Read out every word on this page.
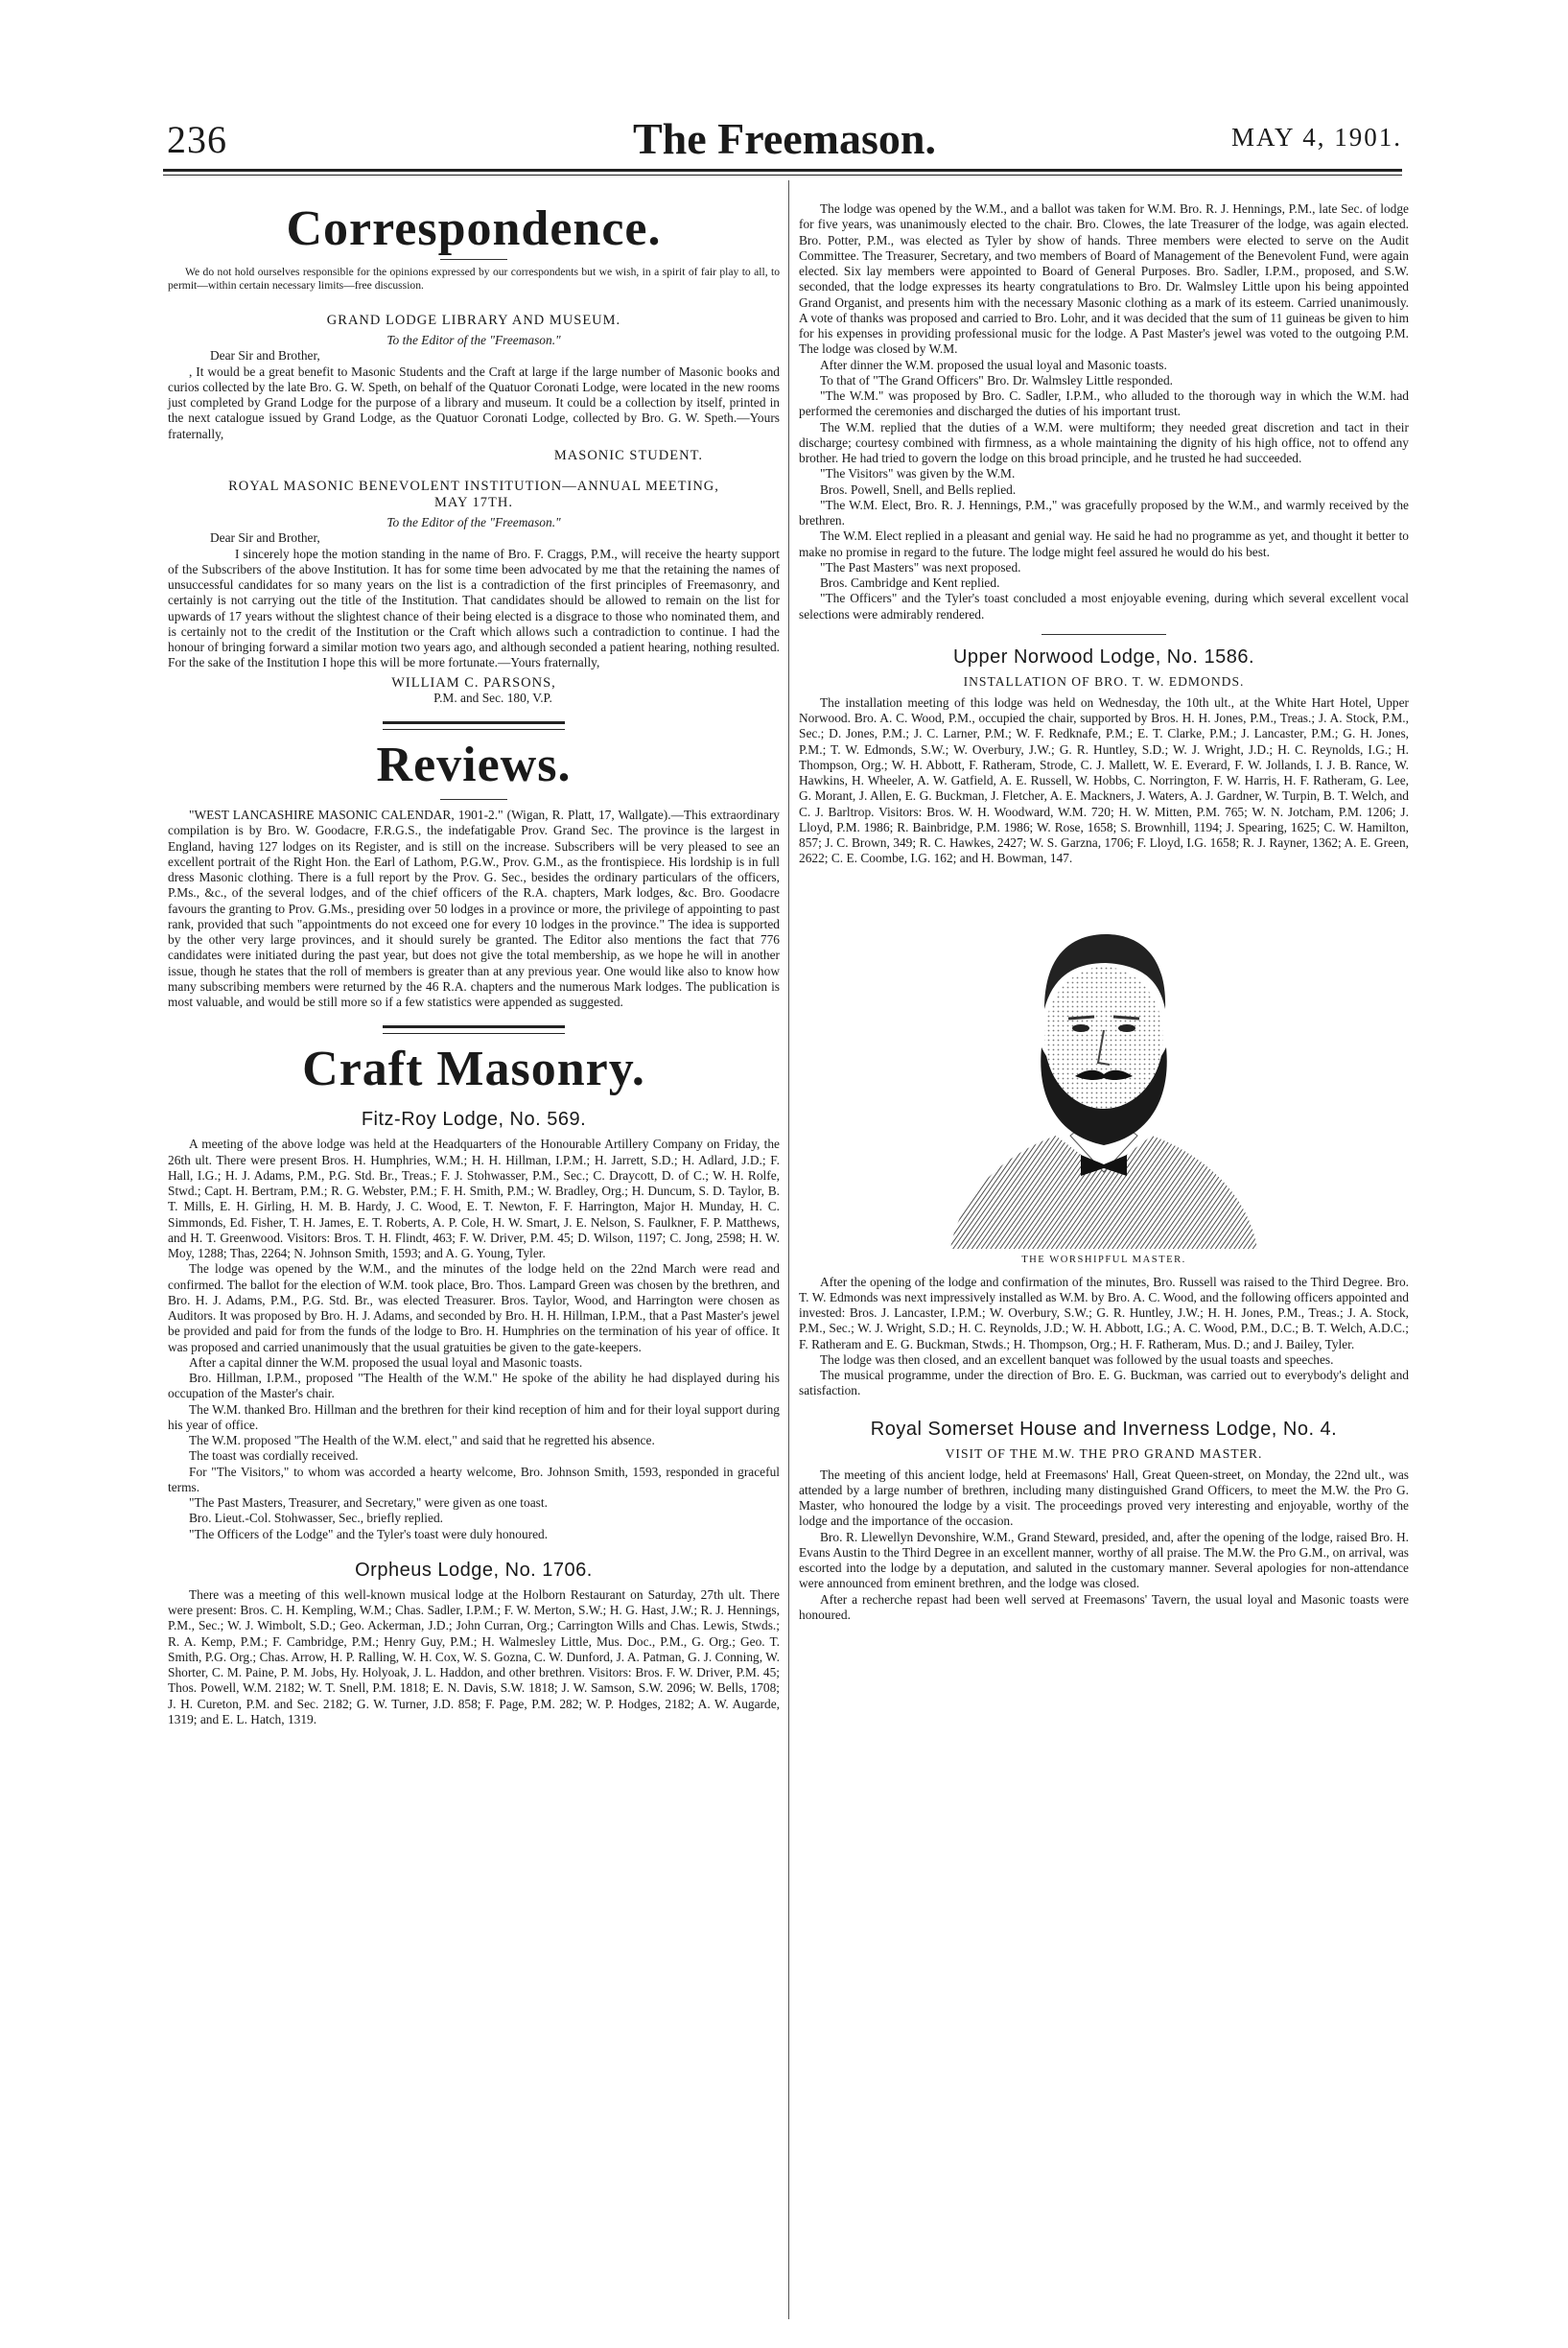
236	The Freemason.	MAY 4, 1901.
Correspondence.

We do not hold ourselves responsible for the opinions expressed by our correspondents but we wish, in a spirit of fair play to all, to permit—within certain necessary limits—free discussion.

GRAND LODGE LIBRARY AND MUSEUM.

To the Editor of the "Freemason."

Dear Sir and Brother,

, It would be a great benefit to Masonic Students and the Craft at large if the large number of Masonic books and curios collected by the late Bro. G. W. Speth, on behalf of the Quatuor Coronati Lodge, were located in the new rooms just completed by Grand Lodge for the purpose of a library and museum. It could be a collection by itself, printed in the next catalogue issued by Grand Lodge, as the Quatuor Coronati Lodge, collected by Bro. G. W. Speth.—Yours fraternally,

MASONIC STUDENT.

ROYAL MASONIC BENEVOLENT INSTITUTION—ANNUAL MEETING, MAY 17TH.

To the Editor of the "Freemason."

Dear Sir and Brother,

I sincerely hope the motion standing in the name of Bro. F. Craggs, P.M., will receive the hearty support of the Subscribers of the above Institution. It has for some time been advocated by me that the retaining the names of unsuccessful candidates for so many years on the list is a contradiction of the first principles of Freemasonry, and certainly is not carrying out the title of the Institution. That candidates should be allowed to remain on the list for upwards of 17 years without the slightest chance of their being elected is a disgrace to those who nominated them, and is certainly not to the credit of the Institution or the Craft which allows such a contradiction to continue. I had the honour of bringing forward a similar motion two years ago, and although seconded a patient hearing, nothing resulted. For the sake of the Institution I hope this will be more fortunate.—Yours fraternally,

WILLIAM C. PARSONS,

P.M. and Sec. 180, V.P.

Reviews.

"WEST LANCASHIRE MASONIC CALENDAR, 1901-2." (Wigan, R. Platt, 17, Wallgate).—This extraordinary compilation is by Bro. W. Goodacre, F.R.G.S., the indefatigable Prov. Grand Sec. The province is the largest in England, having 127 lodges on its Register, and is still on the increase. Subscribers will be very pleased to see an excellent portrait of the Right Hon. the Earl of Lathom, P.G.W., Prov. G.M., as the frontispiece. His lordship is in full dress Masonic clothing. There is a full report by the Prov. G. Sec., besides the ordinary particulars of the officers, P.Ms., &c., of the several lodges, and of the chief officers of the R.A. chapters, Mark lodges, &c. Bro. Goodacre favours the granting to Prov. G.Ms., presiding over 50 lodges in a province or more, the privilege of appointing to past rank, provided that such "appointments do not exceed one for every 10 lodges in the province." The idea is supported by the other very large provinces, and it should surely be granted. The Editor also mentions the fact that 776 candidates were initiated during the past year, but does not give the total membership, as we hope he will in another issue, though he states that the roll of members is greater than at any previous year. One would like also to know how many subscribing members were returned by the 46 R.A. chapters and the numerous Mark lodges. The publication is most valuable, and would be still more so if a few statistics were appended as suggested.

Craft Masonry.
Fitz-Roy Lodge, No. 569.

A meeting of the above lodge was held at the Headquarters of the Honourable Artillery Company on Friday, the 26th ult. There were present Bros. H. Humphries, W.M.; H. H. Hillman, I.P.M.; H. Jarrett, S.D.; H. Adlard, J.D.; F. Hall, I.G.; H. J. Adams, P.M., P.G. Std. Br., Treas.; F. J. Stohwasser, P.M., Sec.; C. Draycott, D. of C.; W. H. Rolfe, Stwd.; Capt. H. Bertram, P.M.; R. G. Webster, P.M.; F. H. Smith, P.M.; W. Bradley, Org.; H. Duncum, S. D. Taylor, B. T. Mills, E. H. Girling, H. M. B. Hardy, J. C. Wood, E. T. Newton, F. F. Harrington, Major H. Munday, H. C. Simmonds, Ed. Fisher, T. H. James, E. T. Roberts, A. P. Cole, H. W. Smart, J. E. Nelson, S. Faulkner, F. P. Matthews, and H. T. Greenwood. Visitors: Bros. T. H. Flindt, 463; F. W. Driver, P.M. 45; D. Wilson, 1197; C. Jong, 2598; H. W. Moy, 1288; Thas, 2264; N. Johnson Smith, 1593; and A. G. Young, Tyler.

The lodge was opened by the W.M., and the minutes of the lodge held on the 22nd March were read and confirmed. The ballot for the election of W.M. took place, Bro. Thos. Lampard Green was chosen by the brethren, and Bro. H. J. Adams, P.M., P.G. Std. Br., was elected Treasurer. Bros. Taylor, Wood, and Harrington were chosen as Auditors. It was proposed by Bro. H. J. Adams, and seconded by Bro. H. H. Hillman, I.P.M., that a Past Master's jewel be provided and paid for from the funds of the lodge to Bro. H. Humphries on the termination of his year of office. It was proposed and carried unanimously that the usual gratuities be given to the gate-keepers.

After a capital dinner the W.M. proposed the usual loyal and Masonic toasts.

Bro. Hillman, I.P.M., proposed "The Health of the W.M." He spoke of the ability he had displayed during his occupation of the Master's chair.

The W.M. thanked Bro. Hillman and the brethren for their kind reception of him and for their loyal support during his year of office.

The W.M. proposed "The Health of the W.M. elect," and said that he regretted his absence.

The toast was cordially received.

For "The Visitors," to whom was accorded a hearty welcome, Bro. Johnson Smith, 1593, responded in graceful terms.

"The Past Masters, Treasurer, and Secretary," were given as one toast.

Bro. Lieut.-Col. Stohwasser, Sec., briefly replied.

"The Officers of the Lodge" and the Tyler's toast were duly honoured.

Orpheus Lodge, No. 1706.

There was a meeting of this well-known musical lodge at the Holborn Restaurant on Saturday, 27th ult. There were present: Bros. C. H. Kempling, W.M.; Chas. Sadler, I.P.M.; F. W. Merton, S.W.; H. G. Hast, J.W.; R. J. Hennings, P.M., Sec.; W. J. Wimbolt, S.D.; Geo. Ackerman, J.D.; John Curran, Org.; Carrington Wills and Chas. Lewis, Stwds.; R. A. Kemp, P.M.; F. Cambridge, P.M.; Henry Guy, P.M.; H. Walmesley Little, Mus. Doc., P.M., G. Org.; Geo. T. Smith, P.G. Org.; Chas. Arrow, H. P. Ralling, W. H. Cox, W. S. Gozna, C. W. Dunford, J. A. Patman, G. J. Conning, W. Shorter, C. M. Paine, P. M. Jobs, Hy. Holyoak, J. L. Haddon, and other brethren. Visitors: Bros. F. W. Driver, P.M. 45; Thos. Powell, W.M. 2182; W. T. Snell, P.M. 1818; E. N. Davis, S.W. 1818; J. W. Samson, S.W. 2096; W. Bells, 1708; J. H. Cureton, P.M. and Sec. 2182; G. W. Turner, J.D. 858; F. Page, P.M. 282; W. P. Hodges, 2182; A. W. Augarde, 1319; and E. L. Hatch, 1319.

The lodge was opened by the W.M., and a ballot was taken for W.M. Bro. R. J. Hennings, P.M., late Sec. of lodge for five years, was unanimously elected to the chair. Bro. Clowes, the late Treasurer of the lodge, was again elected. Bro. Potter, P.M., was elected as Tyler by show of hands. Three members were elected to serve on the Audit Committee. The Treasurer, Secretary, and two members of Board of Management of the Benevolent Fund, were again elected. Six lay members were appointed to Board of General Purposes. Bro. Sadler, I.P.M., proposed, and S.W. seconded, that the lodge expresses its hearty congratulations to Bro. Dr. Walmsley Little upon his being appointed Grand Organist, and presents him with the necessary Masonic clothing as a mark of its esteem. Carried unanimously. A vote of thanks was proposed and carried to Bro. Lohr, and it was decided that the sum of 11 guineas be given to him for his expenses in providing professional music for the lodge. A Past Master's jewel was voted to the outgoing P.M. The lodge was closed by W.M.

After dinner the W.M. proposed the usual loyal and Masonic toasts.

To that of "The Grand Officers" Bro. Dr. Walmsley Little responded.

"The W.M." was proposed by Bro. C. Sadler, I.P.M., who alluded to the thorough way in which the W.M. had performed the ceremonies and discharged the duties of his important trust.

The W.M. replied that the duties of a W.M. were multiform; they needed great discretion and tact in their discharge; courtesy combined with firmness, as a whole maintaining the dignity of his high office, not to offend any brother. He had tried to govern the lodge on this broad principle, and he trusted he had succeeded.

"The Visitors" was given by the W.M.

Bros. Powell, Snell, and Bells replied.

"The W.M. Elect, Bro. R. J. Hennings, P.M.," was gracefully proposed by the W.M., and warmly received by the brethren.

The W.M. Elect replied in a pleasant and genial way. He said he had no programme as yet, and thought it better to make no promise in regard to the future. The lodge might feel assured he would do his best.

"The Past Masters" was next proposed.

Bros. Cambridge and Kent replied.

"The Officers" and the Tyler's toast concluded a most enjoyable evening, during which several excellent vocal selections were admirably rendered.

Upper Norwood Lodge, No. 1586.
INSTALLATION OF BRO. T. W. EDMONDS.

The installation meeting of this lodge was held on Wednesday, the 10th ult., at the White Hart Hotel, Upper Norwood. Bro. A. C. Wood, P.M., occupied the chair, supported by Bros. H. H. Jones, P.M., Treas.; J. A. Stock, P.M., Sec.; D. Jones, P.M.; J. C. Larner, P.M.; W. F. Redknafe, P.M.; E. T. Clarke, P.M.; J. Lancaster, P.M.; G. H. Jones, P.M.; T. W. Edmonds, S.W.; W. Overbury, J.W.; G. R. Huntley, S.D.; W. J. Wright, J.D.; H. C. Reynolds, I.G.; H. Thompson, Org.; W. H. Abbott, F. Ratheram, Strode, C. J. Mallett, W. E. Everard, F. W. Jollands, I. J. B. Rance, W. Hawkins, H. Wheeler, A. W. Gatfield, A. E. Russell, W. Hobbs, C. Norrington, F. W. Harris, H. F. Ratheram, G. Lee, G. Morant, J. Allen, E. G. Buckman, J. Fletcher, A. E. Mackners, J. Waters, A. J. Gardner, W. Turpin, B. T. Welch, and C. J. Barltrop. Visitors: Bros. W. H. Woodward, W.M. 720; H. W. Mitten, P.M. 765; W. N. Jotcham, P.M. 1206; J. Lloyd, P.M. 1986; R. Bainbridge, P.M. 1986; W. Rose, 1658; S. Brownhill, 1194; J. Spearing, 1625; C. W. Hamilton, 857; J. C. Brown, 349; R. C. Hawkes, 2427; W. S. Garzna, 1706; F. Lloyd, I.G. 1658; R. J. Rayner, 1362; A. E. Green, 2622; C. E. Coombe, I.G. 162; and H. Bowman, 147.

THE WORSHIPFUL MASTER.

After the opening of the lodge and confirmation of the minutes, Bro. Russell was raised to the Third Degree. Bro. T. W. Edmonds was next impressively installed as W.M. by Bro. A. C. Wood, and the following officers appointed and invested: Bros. J. Lancaster, I.P.M.; W. Overbury, S.W.; G. R. Huntley, J.W.; H. H. Jones, P.M., Treas.; J. A. Stock, P.M., Sec.; W. J. Wright, S.D.; H. C. Reynolds, J.D.; W. H. Abbott, I.G.; A. C. Wood, P.M., D.C.; B. T. Welch, A.D.C.; F. Ratheram and E. G. Buckman, Stwds.; H. Thompson, Org.; H. F. Ratheram, Mus. D.; and J. Bailey, Tyler.

The lodge was then closed, and an excellent banquet was followed by the usual toasts and speeches.

The musical programme, under the direction of Bro. E. G. Buckman, was carried out to everybody's delight and satisfaction.

Royal Somerset House and Inverness Lodge, No. 4.
VISIT OF THE M.W. THE PRO GRAND MASTER.

The meeting of this ancient lodge, held at Freemasons' Hall, Great Queen-street, on Monday, the 22nd ult., was attended by a large number of brethren, including many distinguished Grand Officers, to meet the M.W. the Pro G. Master, who honoured the lodge by a visit. The proceedings proved very interesting and enjoyable, worthy of the lodge and the importance of the occasion.

Bro. R. Llewellyn Devonshire, W.M., Grand Steward, presided, and, after the opening of the lodge, raised Bro. H. Evans Austin to the Third Degree in an excellent manner, worthy of all praise. The M.W. the Pro G.M., on arrival, was escorted into the lodge by a deputation, and saluted in the customary manner. Several apologies for non-attendance were announced from eminent brethren, and the lodge was closed.

After a recherche repast had been well served at Freemasons' Tavern, the usual loyal and Masonic toasts were honoured.
